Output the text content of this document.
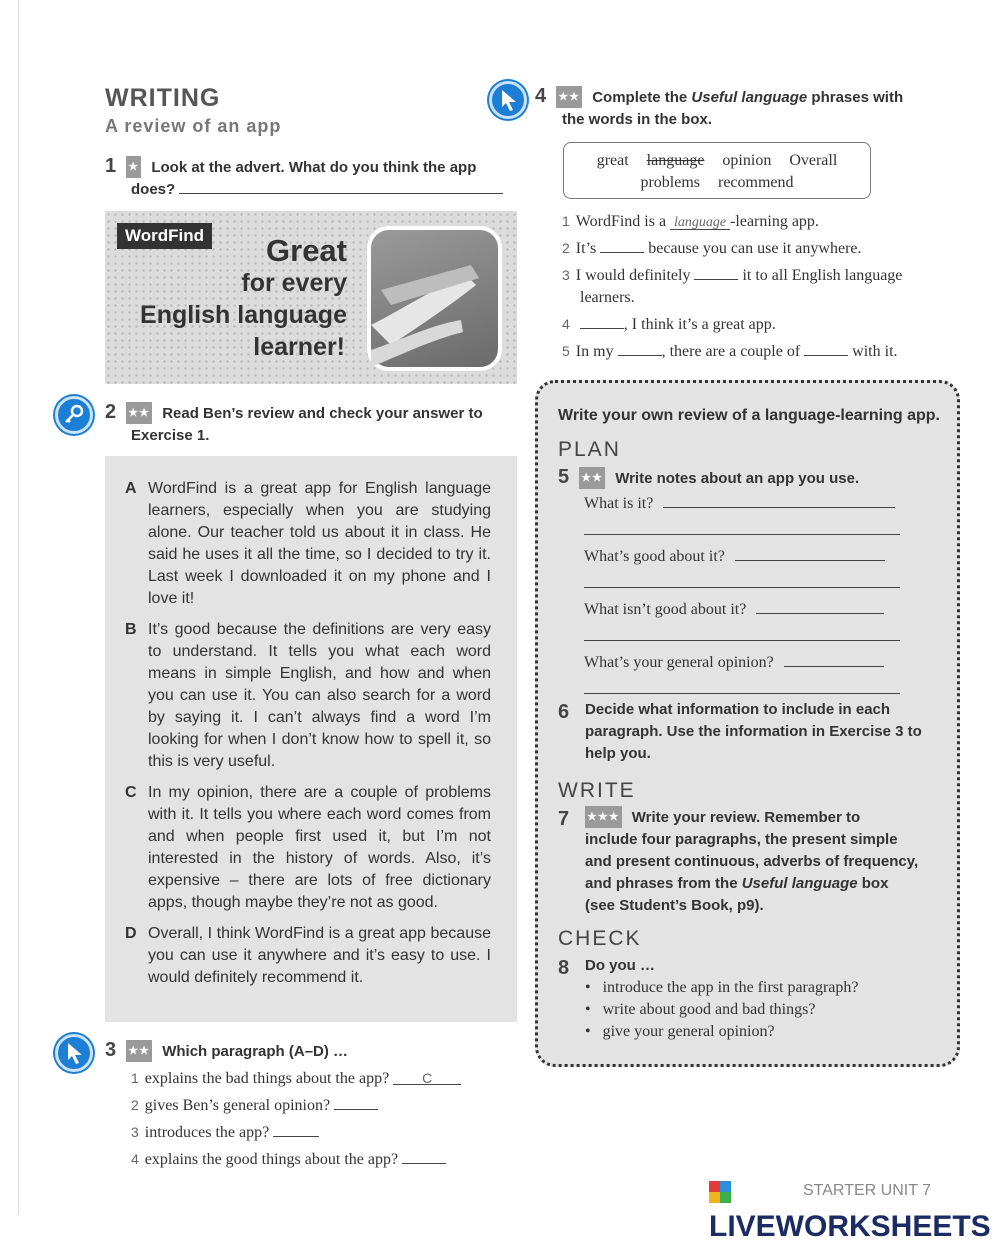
WRITING
A review of an app
1 ★ Look at the advert. What do you think the app
does?
WordFind	Great
for every
English language
learner!
2 ★★ Read Ben’s review and check your answer to
Exercise 1.
A WordFind is a great app for English language learners, especially when you are studying alone. Our teacher told us about it in class. He said he uses it all the time, so I decided to try it. Last week I downloaded it on my phone and I love it!
B It’s good because the definitions are very easy to understand. It tells you what each word means in simple English, and how and when you can use it. You can also search for a word by saying it. I can’t always find a word I’m looking for when I don’t know how to spell it, so this is very useful.
C In my opinion, there are a couple of problems with it. It tells you where each word comes from and when people first used it, but I’m not interested in the history of words. Also, it’s expensive – there are lots of free dictionary apps, though maybe they’re not as good.
D Overall, I think WordFind is a great app because you can use it anywhere and it’s easy to use. I would definitely recommend it.
3 ★★ Which paragraph (A–D) …
1 explains the bad things about the app? C
2 gives Ben’s general opinion?
3 introduces the app?
4 explains the good things about the app?
4 ★★ Complete the Useful language phrases with
the words in the box.
great language opinion Overall
problems recommend
1 WordFind is a language -learning app.
2 It’s	because you can use it anywhere.
3 I would definitely	it to all English language
learners.
4	, I think it’s a great app.
5 In my	, there are a couple of	with it.
Write your own review of a language-learning app.
PLAN
5 ★★ Write notes about an app you use.
What is it?
What’s good about it?
What isn’t good about it?
What’s your general opinion?
6 Decide what information to include in each
paragraph. Use the information in Exercise 3 to
help you.
WRITE
7 ★★★ Write your review. Remember to
include four paragraphs, the present simple
and present continuous, adverbs of frequency,
and phrases from the Useful language box
(see Student’s Book, p9).
CHECK
8 Do you …
•   introduce the app in the first paragraph?
•   write about good and bad things?
•   give your general opinion?
STARTER UNIT 7
LIVEWORKSHEETS
